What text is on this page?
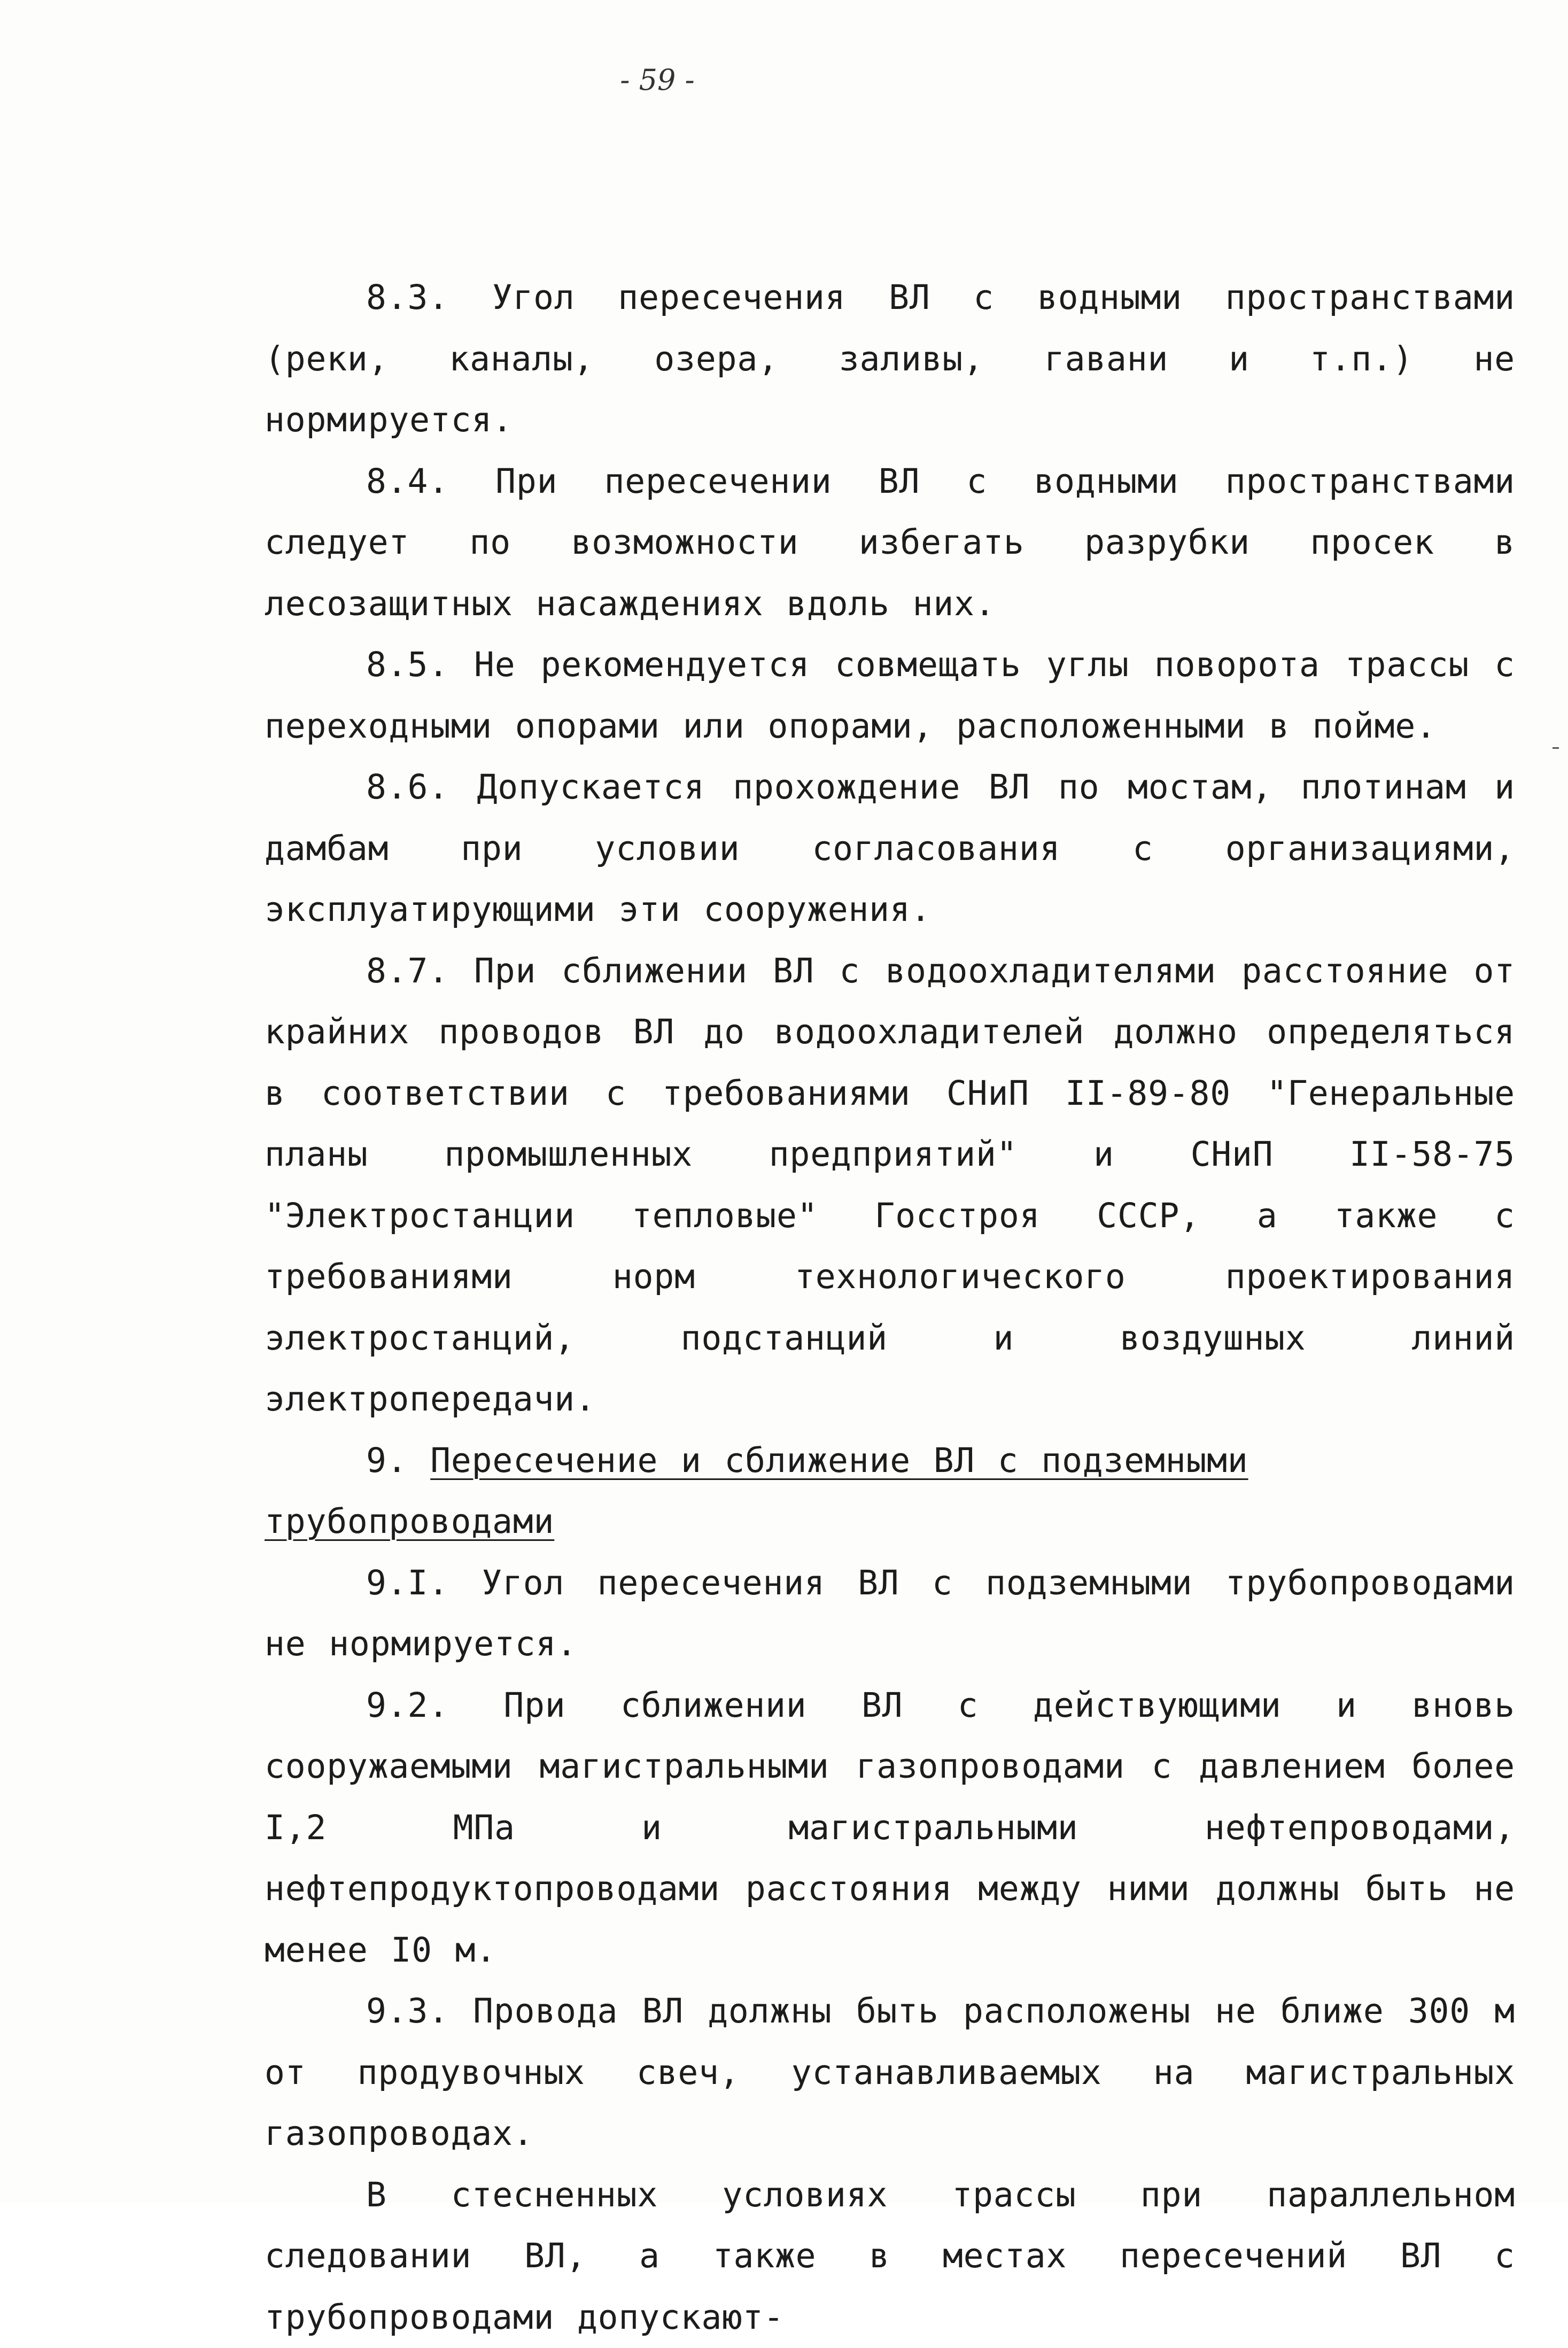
- 59 -

8.3. Угол пересечения ВЛ с водными пространствами (реки, каналы, озера, заливы, гавани и т.п.) не нормируется.

8.4. При пересечении ВЛ с водными пространствами следует по возможности избегать разрубки просек в лесозащитных насаждениях вдоль них.

8.5. Не рекомендуется совмещать углы поворота трассы с переходными опорами или опорами, расположенными в пойме.

8.6. Допускается прохождение ВЛ по мостам, плотинам и дамбам при условии согласования с организациями, эксплуатирующими эти сооружения.

8.7. При сближении ВЛ с водоохладителями расстояние от крайних проводов ВЛ до водоохладителей должно определяться в соответствии с требованиями СНиП II-89-80 "Генеральные планы промышленных предприятий" и СНиП II-58-75 "Электростанции тепловые" Госстроя СССР, а также с требованиями норм технологического проектирования электростанций, подстанций и воздушных линий электропередачи.

9. Пересечение и сближение ВЛ с подземными трубопроводами

9.I. Угол пересечения ВЛ с подземными трубопроводами не нормируется.

9.2. При сближении ВЛ с действующими и вновь сооружаемыми магистральными газопроводами с давлением более I,2 МПа и магистральными нефтепроводами, нефтепродуктопроводами расстояния между ними должны быть не менее I0 м.

9.3. Провода ВЛ должны быть расположены не ближе 300 м от продувочных свеч, устанавливаемых на магистральных газопроводах.

В стесненных условиях трассы при параллельном следовании ВЛ, а также в местах пересечений ВЛ с трубопроводами допускают-
